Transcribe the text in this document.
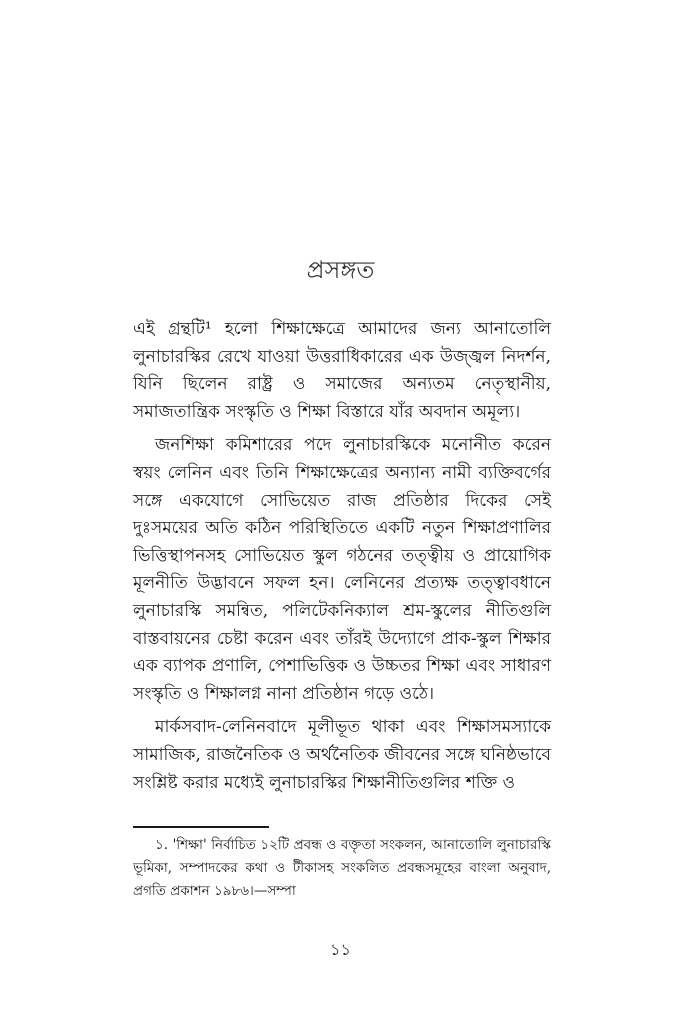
প্রসঙ্গত

এই গ্রন্থটি¹ হলো শিক্ষাক্ষেত্রে আমাদের জন্য আনাতোলি লুনাচারস্কির রেখে যাওয়া উত্তরাধিকারের এক উজ্জ্বল নিদর্শন, যিনি ছিলেন রাষ্ট্র ও সমাজের অন্যতম নেতৃস্থানীয়, সমাজতান্ত্রিক সংস্কৃতি ও শিক্ষা বিস্তারে যাঁর অবদান অমূল্য।

জনশিক্ষা কমিশারের পদে লুনাচারস্কিকে মনোনীত করেন স্বয়ং লেনিন এবং তিনি শিক্ষাক্ষেত্রের অন্যান্য নামী ব্যক্তিবর্গের সঙ্গে একযোগে সোভিয়েত রাজ প্রতিষ্ঠার দিকের সেই দুঃসময়ের অতি কঠিন পরিস্থিতিতে একটি নতুন শিক্ষাপ্রণালির ভিত্তিস্থাপনসহ সোভিয়েত স্কুল গঠনের তত্ত্বীয় ও প্রায়োগিক মূলনীতি উদ্ভাবনে সফল হন। লেনিনের প্রত্যক্ষ তত্ত্বাবধানে লুনাচারস্কি সমন্বিত, পলিটেকনিক্যাল শ্রম-স্কুলের নীতিগুলি বাস্তবায়নের চেষ্টা করেন এবং তাঁরই উদ্যোগে প্রাক-স্কুল শিক্ষার এক ব্যাপক প্রণালি, পেশাভিত্তিক ও উচ্চতর শিক্ষা এবং সাধারণ সংস্কৃতি ও শিক্ষালগ্ন নানা প্রতিষ্ঠান গড়ে ওঠে।

মার্কসবাদ-লেনিনবাদে মূলীভূত থাকা এবং শিক্ষাসমস্যাকে সামাজিক, রাজনৈতিক ও অর্থনৈতিক জীবনের সঙ্গে ঘনিষ্ঠভাবে সংশ্লিষ্ট করার মধ্যেই লুনাচারস্কির শিক্ষানীতিগুলির শক্তি ও

১. 'শিক্ষা' নির্বাচিত ১২টি প্রবন্ধ ও বক্তৃতা সংকলন, আনাতোলি লুনাচারস্কি ভূমিকা, সম্পাদকের কথা ও টীকাসহ সংকলিত প্রবন্ধসমূহের বাংলা অনুবাদ, প্রগতি প্রকাশন ১৯৮৬।—সম্পা

১১
